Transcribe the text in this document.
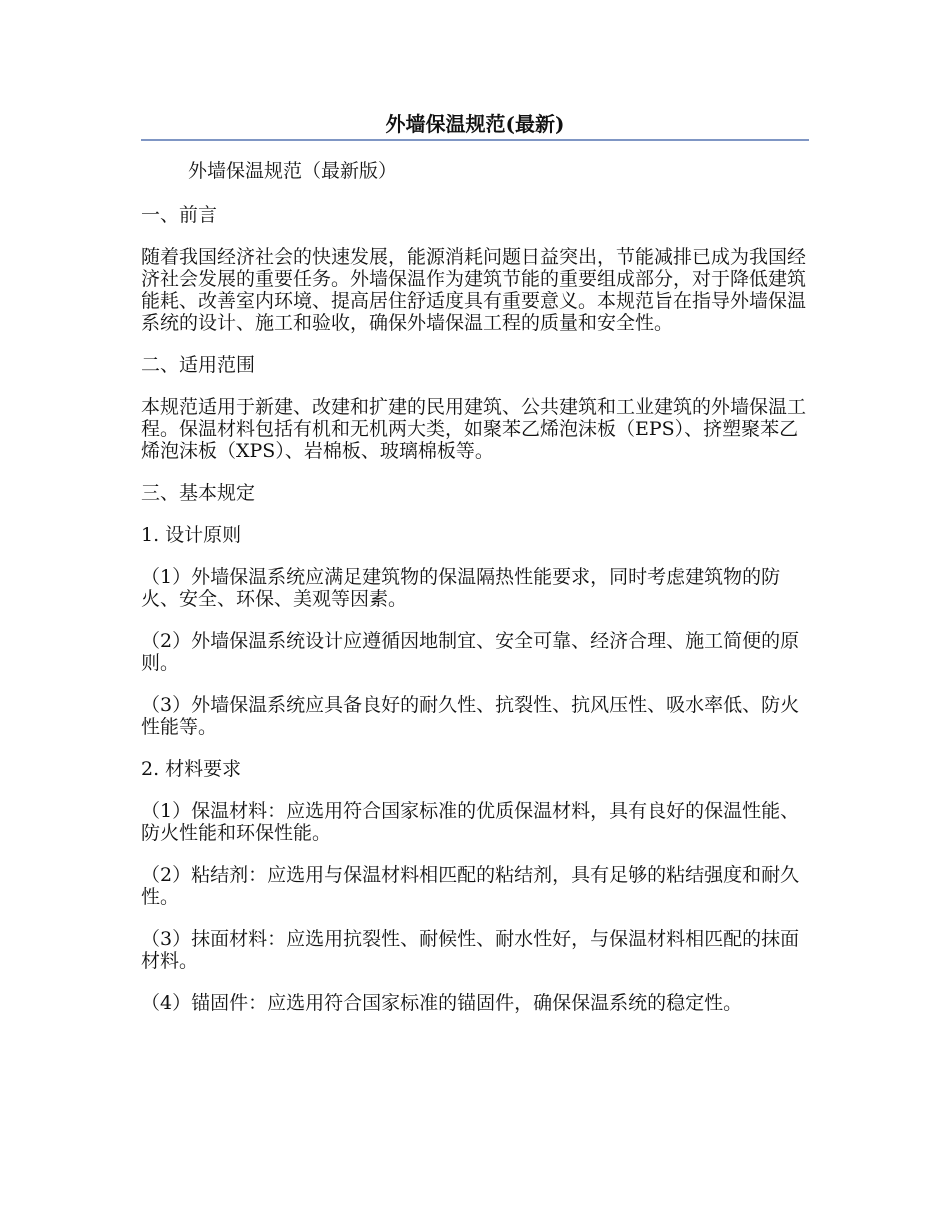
外墙保温规范(最新)

外墙保温规范（最新版）

一、前言

随着我国经济社会的快速发展，能源消耗问题日益突出，节能减排已成为我国经济社会发展的重要任务。外墙保温作为建筑节能的重要组成部分，对于降低建筑能耗、改善室内环境、提高居住舒适度具有重要意义。本规范旨在指导外墙保温系统的设计、施工和验收，确保外墙保温工程的质量和安全性。

二、适用范围

本规范适用于新建、改建和扩建的民用建筑、公共建筑和工业建筑的外墙保温工程。保温材料包括有机和无机两大类，如聚苯乙烯泡沫板（EPS）、挤塑聚苯乙烯泡沫板（XPS）、岩棉板、玻璃棉板等。

三、基本规定

1. 设计原则

（1）外墙保温系统应满足建筑物的保温隔热性能要求，同时考虑建筑物的防火、安全、环保、美观等因素。

（2）外墙保温系统设计应遵循因地制宜、安全可靠、经济合理、施工简便的原则。

（3）外墙保温系统应具备良好的耐久性、抗裂性、抗风压性、吸水率低、防火性能等。

2. 材料要求

（1）保温材料：应选用符合国家标准的优质保温材料，具有良好的保温性能、防火性能和环保性能。

（2）粘结剂：应选用与保温材料相匹配的粘结剂，具有足够的粘结强度和耐久性。

（3）抹面材料：应选用抗裂性、耐候性、耐水性好，与保温材料相匹配的抹面材料。

（4）锚固件：应选用符合国家标准的锚固件，确保保温系统的稳定性。
